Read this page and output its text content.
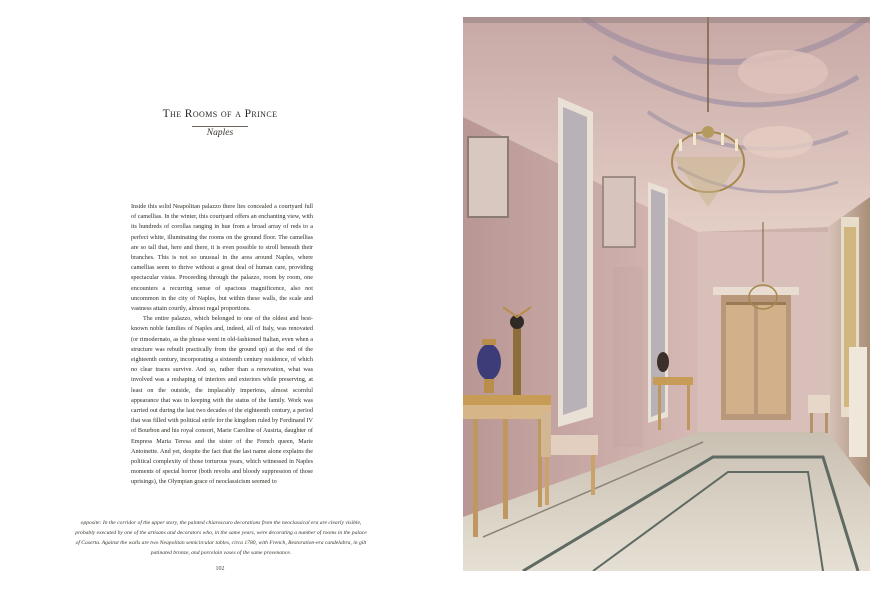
The Rooms of a Prince
Naples

Inside this solid Neapolitan palazzo there lies concealed a courtyard full of camellias. In the winter, this courtyard offers an enchanting view, with its hundreds of corollas ranging in hue from a broad array of reds to a perfect white, illuminating the rooms on the ground floor. The camellias are so tall that, here and there, it is even possible to stroll beneath their branches. This is not so unusual in the area around Naples, where camellias seem to thrive without a great deal of human care, providing spectacular vistas. Proceeding through the palazzo, room by room, one encounters a recurring sense of spacious magnificence, also not uncommon in the city of Naples, but within these walls, the scale and vastness attain courtly, almost regal proportions.

The entire palazzo, which belonged to one of the oldest and best-known noble families of Naples and, indeed, all of Italy, was renovated (or rimodernato, as the phrase went in old-fashioned Italian, even when a structure was rebuilt practically from the ground up) at the end of the eighteenth century, incorporating a sixteenth century residence, of which no clear traces survive. And so, rather than a renovation, what was involved was a reshaping of interiors and exteriors while preserving, at least on the outside, the implacably imperious, almost scornful appearance that was in keeping with the status of the family. Work was carried out during the last two decades of the eighteenth century, a period that was filled with political strife for the kingdom ruled by Ferdinand IV of Bourbon and his royal consort, Marie Caroline of Austria, daughter of Empress Maria Teresa and the sister of the French queen, Marie Antoinette. And yet, despite the fact that the last name alone explains the political complexity of those torturous years, which witnessed in Naples moments of special horror (both revolts and bloody suppression of those uprisings), the Olympian grace of neoclassicism seemed to

opposite: In the corridor of the upper story, the painted chiaroscuro decorations from the neoclassical era are clearly visible, probably executed by one of the artisans and decorators who, in the same years, were decorating a number of rooms in the palace of Caserta. Against the walls are two Neapolitan semicircular tables, circa 1780, with French, Restoration-era candelabra, in gilt patinated bronze, and porcelain vases of the same provenance.
102
